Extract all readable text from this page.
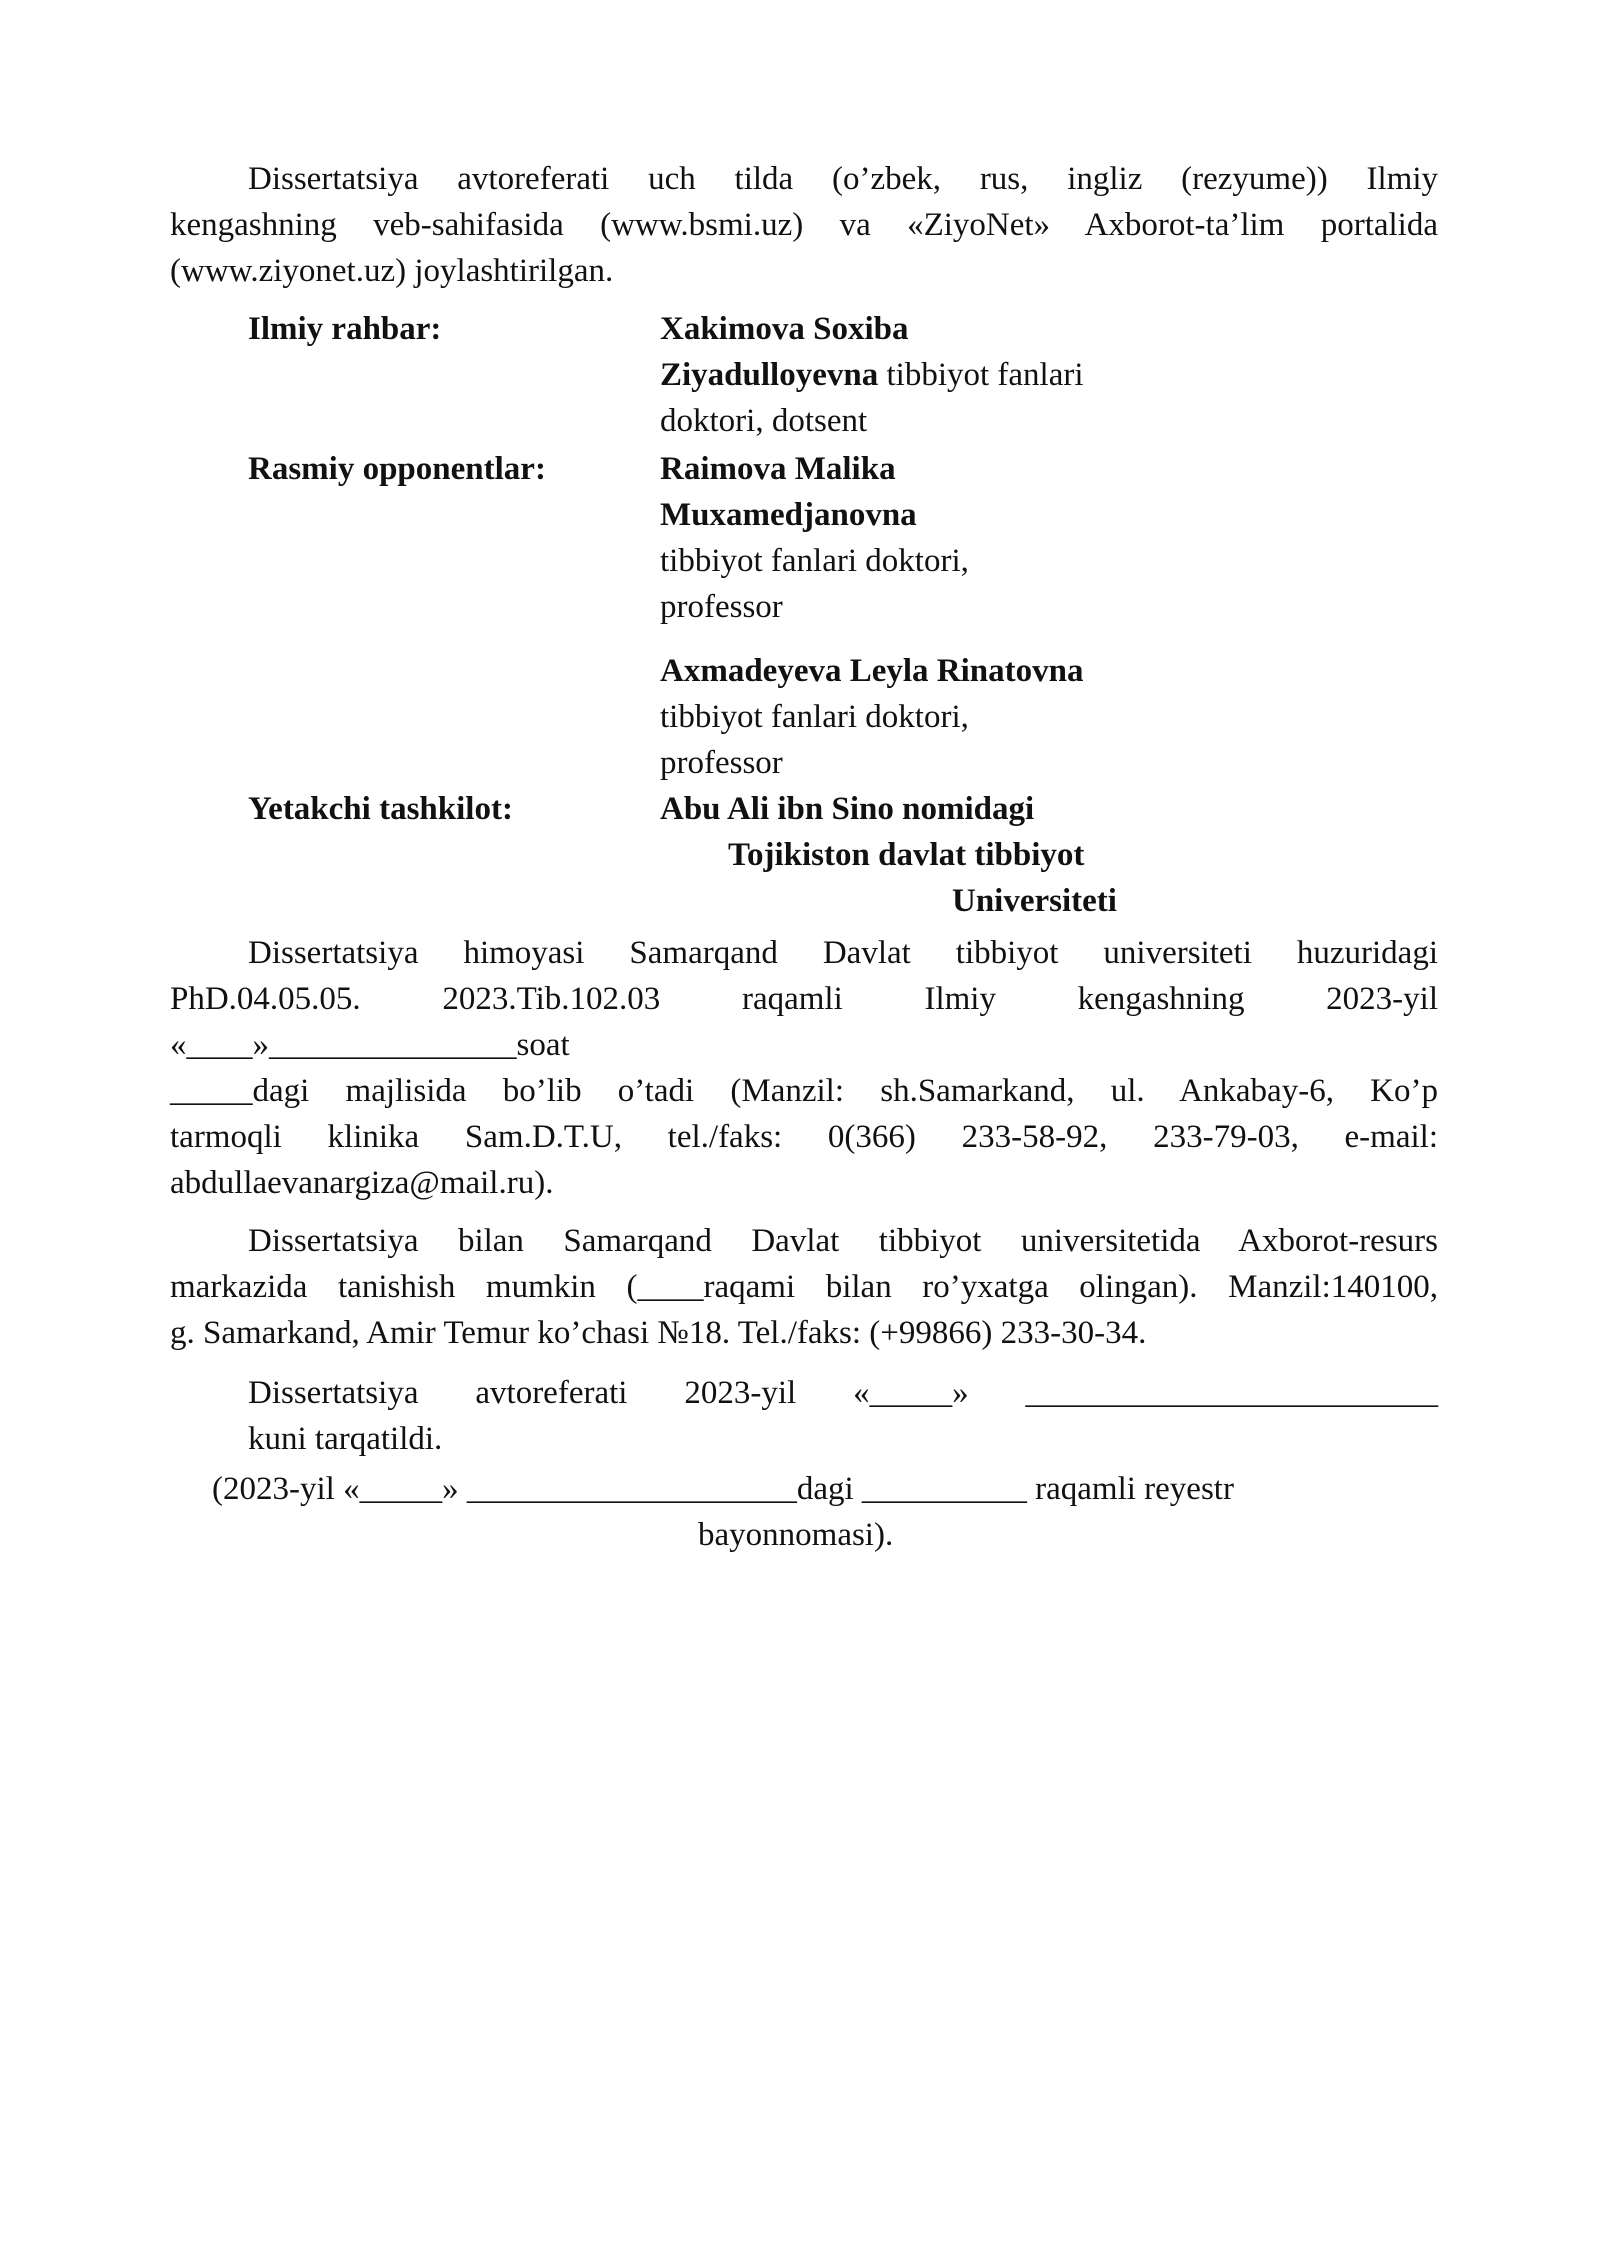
Dissertatsiya avtoreferati uch tilda (o’zbek, rus, ingliz (rezyume)) Ilmiy
kengashning veb-sahifasida (www.bsmi.uz) va «ZiyoNet» Axborot-ta’lim portalida
(www.ziyonet.uz) joylashtirilgan.
Ilmiy rahbar:	Xakimova Soxiba
Ziyadulloyevna tibbiyot fanlari
doktori, dotsent
Rasmiy opponentlar:	Raimova Malika
Muxamedjanovna
tibbiyot fanlari doktori,
professor
Axmadeyeva Leyla Rinatovna
tibbiyot fanlari doktori,
professor
Yetakchi tashkilot:	Abu Ali ibn Sino nomidagi
Tojikiston davlat tibbiyot
Universiteti
Dissertatsiya himoyasi Samarqand Davlat tibbiyot universiteti huzuridagi
PhD.04.05.05. 2023.Tib.102.03 raqamli Ilmiy kengashning 2023-yil
«____»_______________soat
_____dagi majlisida bo’lib o’tadi (Manzil: sh.Samarkand, ul. Ankabay-6, Ko’p
tarmoqli klinika Sam.D.T.U, tel./faks: 0(366) 233-58-92, 233-79-03, e-mail:
abdullaevanargiza@mail.ru).
Dissertatsiya bilan Samarqand Davlat tibbiyot universitetida Axborot-resurs
markazida tanishish mumkin (____raqami bilan ro’yxatga olingan). Manzil:140100,
g. Samarkand, Amir Temur ko’chasi №18. Tel./faks: (+99866) 233-30-34.
Dissertatsiya avtoreferati 2023-yil «_____» _________________________
kuni tarqatildi.
(2023-yil «_____» ____________________dagi __________ raqamli reyestr
bayonnomasi).
